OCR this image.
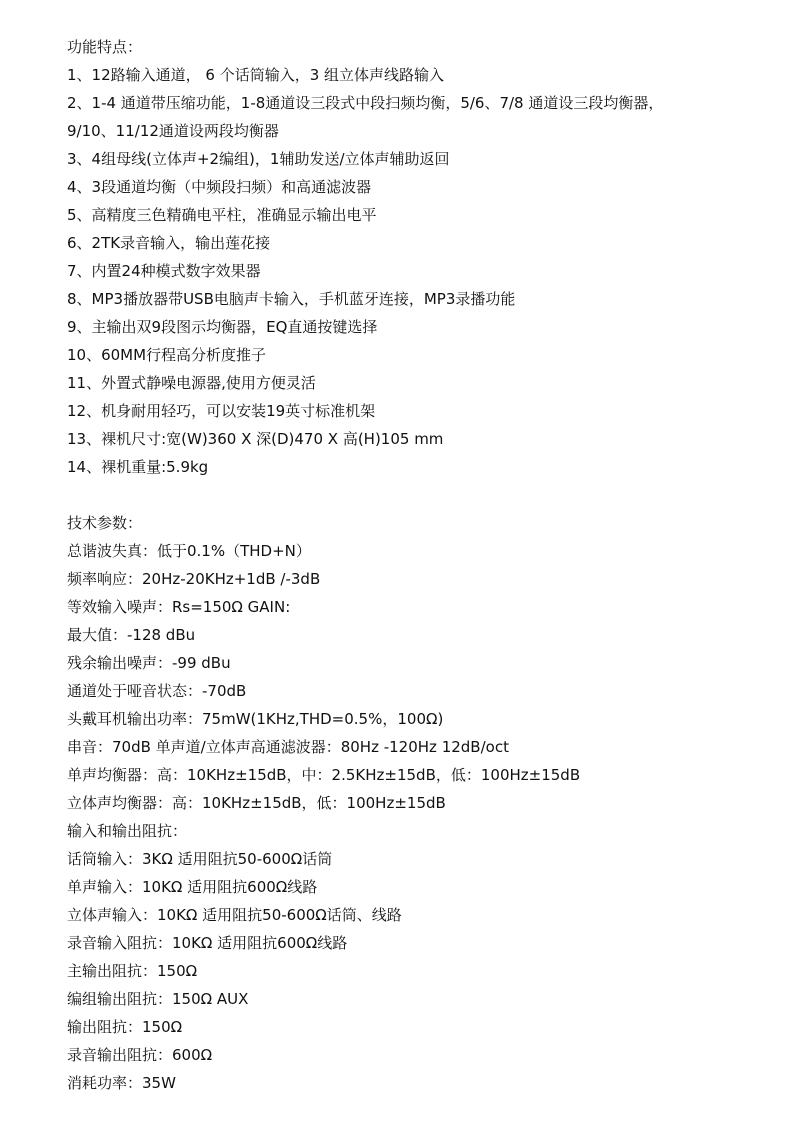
功能特点：
1、12路输入通道， 6 个话筒输入，3 组立体声线路输入
2、1-4 通道带压缩功能，1-8通道设三段式中段扫频均衡，5/6、7/8 通道设三段均衡器，
9/10、11/12通道设两段均衡器
3、4组母线(立体声+2编组)，1辅助发送/立体声辅助返回
4、3段通道均衡（中频段扫频）和高通滤波器
5、高精度三色精确电平柱，准确显示输出电平
6、2TK录音输入，输出莲花接
7、内置24种模式数字效果器
8、MP3播放器带USB电脑声卡输入，手机蓝牙连接，MP3录播功能
9、主输出双9段图示均衡器，EQ直通按键选择
10、60MM行程高分析度推子
11、外置式静噪电源器,使用方便灵活
12、机身耐用轻巧，可以安装19英寸标准机架
13、裸机尺寸:宽(W)360 X 深(D)470 X 高(H)105 mm
14、裸机重量:5.9kg
技术参数：
总谐波失真：低于0.1%（THD+N）
频率响应：20Hz-20KHz+1dB /-3dB
等效输入噪声：Rs=150Ω GAIN:
最大值：-128 dBu
残余输出噪声：-99 dBu
通道处于哑音状态：-70dB
头戴耳机输出功率：75mW(1KHz,THD=0.5%，100Ω)
串音：70dB 单声道/立体声高通滤波器：80Hz -120Hz 12dB/oct
单声均衡器：高：10KHz±15dB，中：2.5KHz±15dB，低：100Hz±15dB
立体声均衡器：高：10KHz±15dB，低：100Hz±15dB
输入和输出阻抗：
话筒输入：3KΩ 适用阻抗50-600Ω话筒
单声输入：10KΩ 适用阻抗600Ω线路
立体声输入：10KΩ 适用阻抗50-600Ω话筒、线路
录音输入阻抗：10KΩ 适用阻抗600Ω线路
主输出阻抗：150Ω
编组输出阻抗：150Ω AUX
输出阻抗：150Ω
录音输出阻抗：600Ω
消耗功率：35W
